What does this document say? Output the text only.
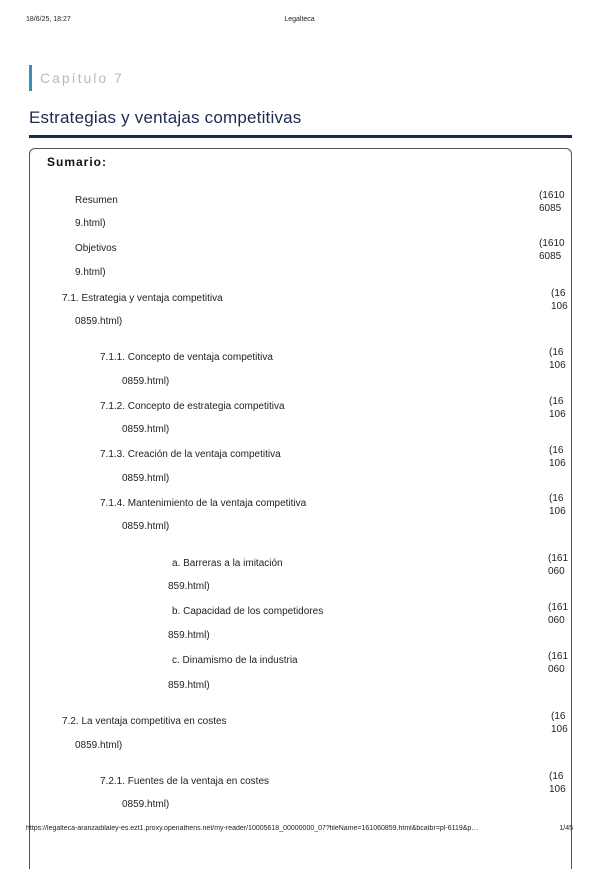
18/6/25, 18:27	Legalteca
Capítulo 7
Estrategias y ventajas competitivas
Sumario:
Resumen
9.html)
(1610
6085
Objetivos
9.html)
(1610
6085
7.1. Estrategia y ventaja competitiva
0859.html)
(16
106
7.1.1. Concepto de ventaja competitiva
0859.html)
(16
106
7.1.2. Concepto de estrategia competitiva
0859.html)
(16
106
7.1.3. Creación de la ventaja competitiva
0859.html)
(16
106
7.1.4. Mantenimiento de la ventaja competitiva
0859.html)
(16
106
a. Barreras a la imitación
859.html)
(161
060
b. Capacidad de los competidores
859.html)
(161
060
c. Dinamismo de la industria
859.html)
(161
060
7.2. La ventaja competitiva en costes
0859.html)
(16
106
7.2.1. Fuentes de la ventaja en costes
0859.html)
(16
106
https://legalteca-aranzadilaley-es.ezt1.proxy.openathens.net/my-reader/10005618_00000000_07?fileName=161060859.html&bcatbr=pl-6119&p…	1/45
